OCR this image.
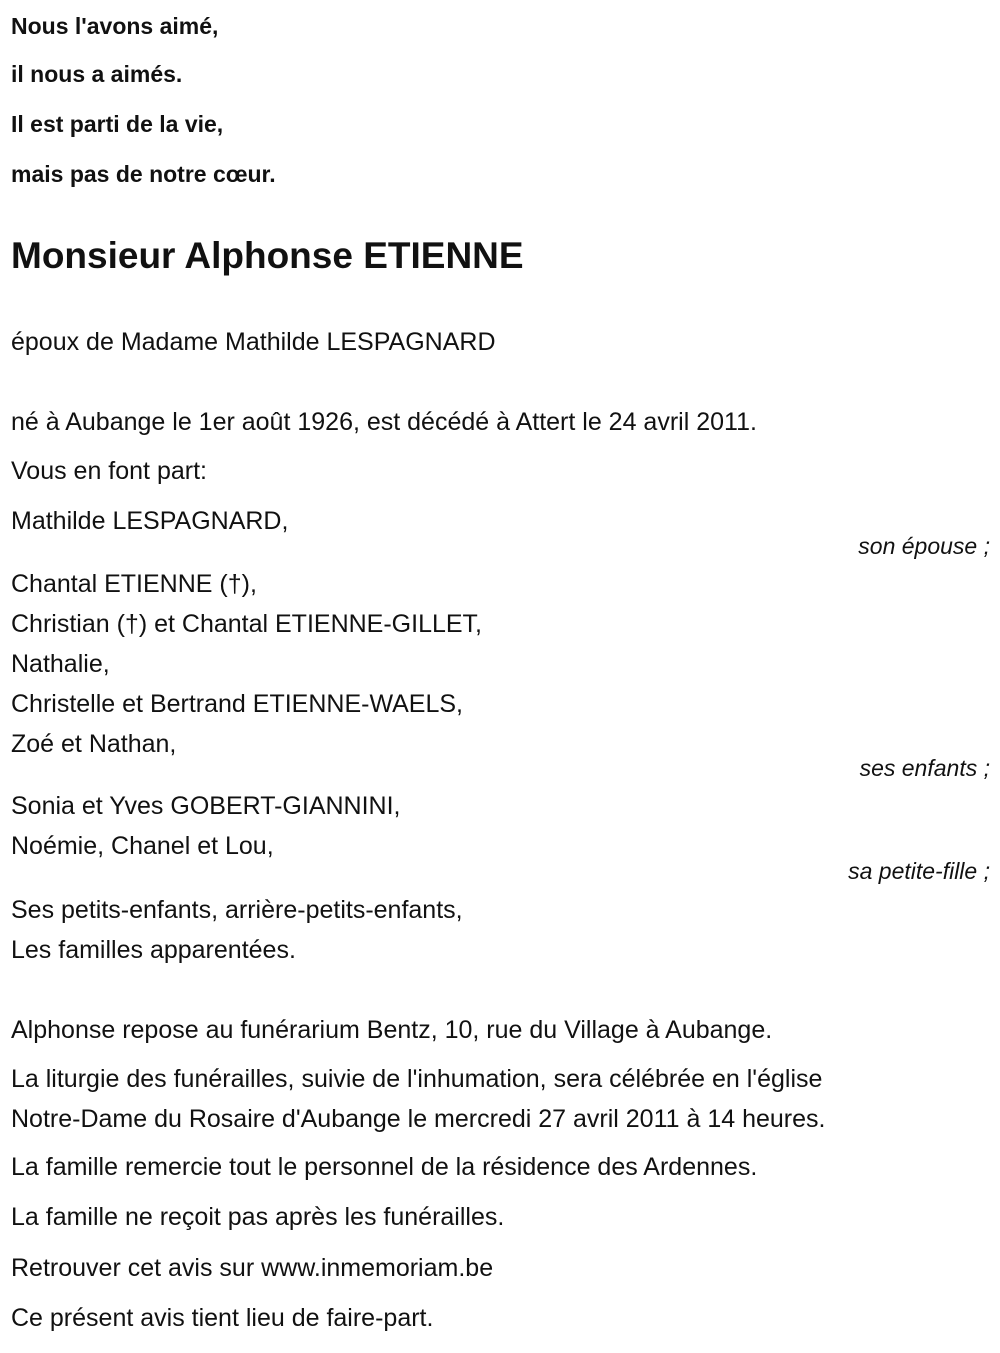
Nous l'avons aimé,
il nous a aimés.
Il est parti de la vie,
mais pas de notre cœur.
Monsieur Alphonse ETIENNE
époux de Madame Mathilde LESPAGNARD
né à Aubange le 1er août 1926, est décédé à Attert le 24 avril 2011.
Vous en font part:
Mathilde LESPAGNARD,
son épouse ;
Chantal ETIENNE (†),
Christian (†) et Chantal ETIENNE-GILLET,
Nathalie,
Christelle et Bertrand ETIENNE-WAELS,
Zoé et Nathan,
ses enfants ;
Sonia et Yves GOBERT-GIANNINI,
Noémie, Chanel et Lou,
sa petite-fille ;
Ses petits-enfants, arrière-petits-enfants,
Les familles apparentées.
Alphonse repose au funérarium Bentz, 10, rue du Village à Aubange.
La liturgie des funérailles, suivie de l'inhumation, sera célébrée en l'église
Notre-Dame du Rosaire d'Aubange le mercredi 27 avril 2011 à 14 heures.
La famille remercie tout le personnel de la résidence des Ardennes.
La famille ne reçoit pas après les funérailles.
Retrouver cet avis sur www.inmemoriam.be
Ce présent avis tient lieu de faire-part.
